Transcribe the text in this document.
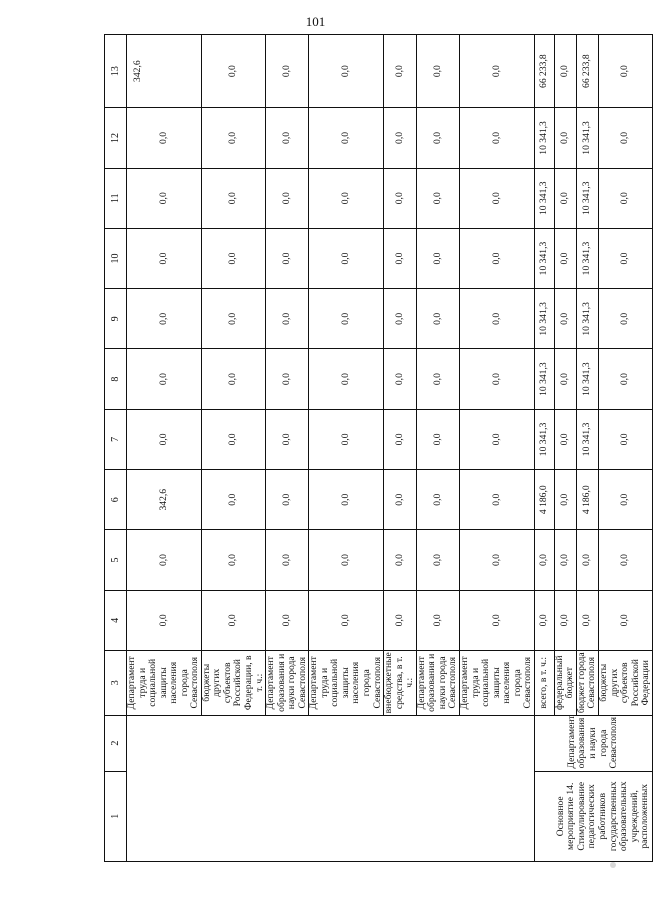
101
1	2	3	4	5	6	7	8	9	10	11	12	13
		Департамент труда и социальной защиты населения города Севастополя	0,0	0,0	342,6	0,0	0,0	0,0	0,0	0,0	0,0	342,6
		бюджеты других субъектов Российской Федерации, в т. ч.:	0,0	0,0	0,0	0,0	0,0	0,0	0,0	0,0	0,0	0,0
		Департамент образования и науки города Севастополя	0,0	0,0	0,0	0,0	0,0	0,0	0,0	0,0	0,0	0,0
		Департамент труда и социальной защиты населения города Севастополя	0,0	0,0	0,0	0,0	0,0	0,0	0,0	0,0	0,0	0,0
		внебюджетные средства, в т. ч.:	0,0	0,0	0,0	0,0	0,0	0,0	0,0	0,0	0,0	0,0
		Департамент образования и науки города Севастополя	0,0	0,0	0,0	0,0	0,0	0,0	0,0	0,0	0,0	0,0
		Департамент труда и социальной защиты населения города Севастополя	0,0	0,0	0,0	0,0	0,0	0,0	0,0	0,0	0,0	0,0
Основное мероприятие 14. Стимулирование педагогических работников государственных образовательных учреждений, расположенных	Департамент образования и науки города Севастополя	всего, в т. ч.:	0,0	0,0	4 186,0	10 341,3	10 341,3	10 341,3	10 341,3	10 341,3	10 341,3	66 233,8
		федеральный бюджет	0,0	0,0	0,0	0,0	0,0	0,0	0,0	0,0	0,0	0,0
		бюджет города Севастополя	0,0	0,0	4 186,0	10 341,3	10 341,3	10 341,3	10 341,3	10 341,3	10 341,3	66 233,8
		бюджеты других субъектов Российской Федерации	0,0	0,0	0,0	0,0	0,0	0,0	0,0	0,0	0,0	0,0
